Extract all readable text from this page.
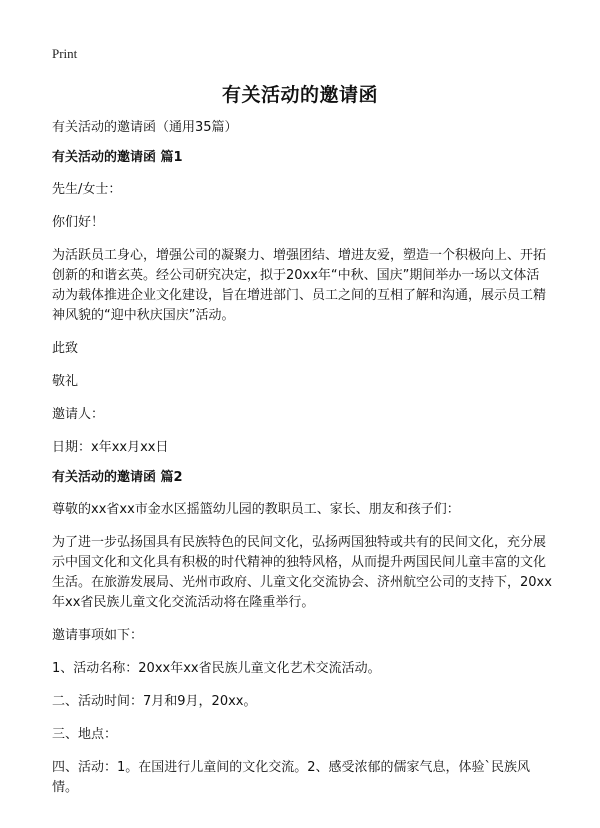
Print
有关活动的邀请函

有关活动的邀请函（通用35篇）

有关活动的邀请函 篇1

先生/女士：

你们好！

为活跃员工身心，增强公司的凝聚力、增强团结、增进友爱，塑造一个积极向上、开拓创新的和谐玄英。经公司研究决定，拟于20xx年“中秋、国庆”期间举办一场以文体活动为载体推进企业文化建设，旨在增进部门、员工之间的互相了解和沟通，展示员工精神风貌的“迎中秋庆国庆”活动。

此致

敬礼

邀请人：

日期：x年xx月xx日

有关活动的邀请函 篇2

尊敬的xx省xx市金水区摇篮幼儿园的教职员工、家长、朋友和孩子们：

为了进一步弘扬国具有民族特色的民间文化，弘扬两国独特或共有的民间文化，充分展示中国文化和文化具有积极的时代精神的独特风格，从而提升两国民间儿童丰富的文化生活。在旅游发展局、光州市政府、儿童文化交流协会、济州航空公司的支持下，20xx年xx省民族儿童文化交流活动将在隆重举行。

邀请事项如下：

1、活动名称：20xx年xx省民族儿童文化艺术交流活动。

二、活动时间：7月和9月，20xx。

三、地点：

四、活动：1。在国进行儿童间的文化交流。2、感受浓郁的儒家气息，体验`民族风情。
